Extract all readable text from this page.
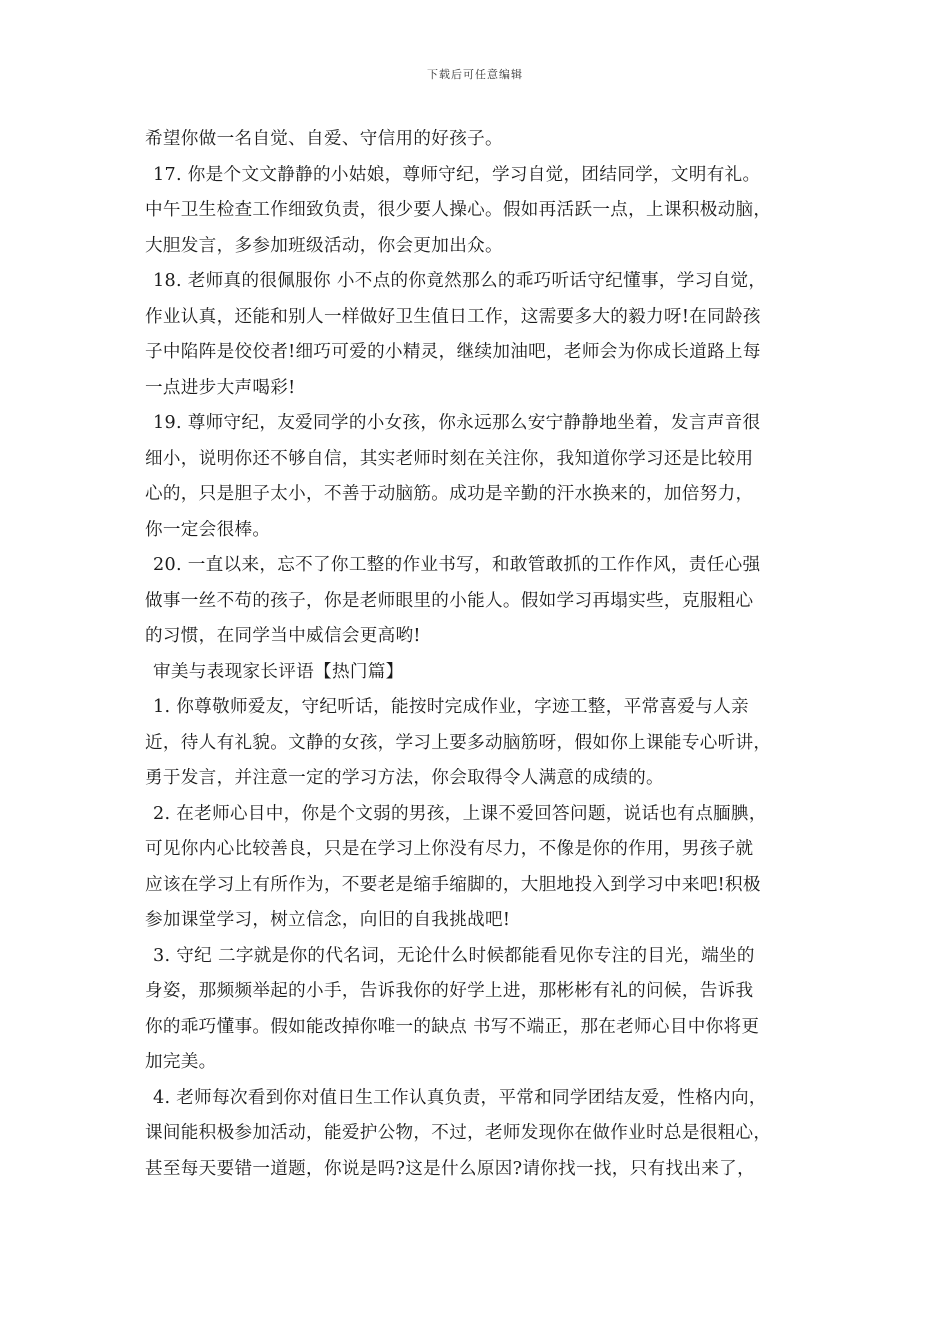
下载后可任意编辑
希望你做一名自觉、自爱、守信用的好孩子。
17. 你是个文文静静的小姑娘，尊师守纪，学习自觉，团结同学，文明有礼。
中午卫生检查工作细致负责，很少要人操心。假如再活跃一点，上课积极动脑，
大胆发言，多参加班级活动，你会更加出众。
18. 老师真的很佩服你 小不点的你竟然那么的乖巧听话守纪懂事，学习自觉，
作业认真，还能和别人一样做好卫生值日工作，这需要多大的毅力呀!在同龄孩
子中陷阵是佼佼者!细巧可爱的小精灵，继续加油吧，老师会为你成长道路上每
一点进步大声喝彩!
19. 尊师守纪，友爱同学的小女孩，你永远那么安宁静静地坐着，发言声音很
细小，说明你还不够自信，其实老师时刻在关注你，我知道你学习还是比较用
心的，只是胆子太小，不善于动脑筋。成功是辛勤的汗水换来的，加倍努力，
你一定会很棒。
20. 一直以来，忘不了你工整的作业书写，和敢管敢抓的工作作风，责任心强
做事一丝不苟的孩子，你是老师眼里的小能人。假如学习再塌实些，克服粗心
的习惯，在同学当中威信会更高哟!
审美与表现家长评语【热门篇】
1. 你尊敬师爱友，守纪听话，能按时完成作业，字迹工整，平常喜爱与人亲
近，待人有礼貌。文静的女孩，学习上要多动脑筋呀，假如你上课能专心听讲，
勇于发言，并注意一定的学习方法，你会取得令人满意的成绩的。
2. 在老师心目中，你是个文弱的男孩，上课不爱回答问题，说话也有点腼腆，
可见你内心比较善良，只是在学习上你没有尽力，不像是你的作用，男孩子就
应该在学习上有所作为，不要老是缩手缩脚的，大胆地投入到学习中来吧!积极
参加课堂学习，树立信念，向旧的自我挑战吧!
3. 守纪 二字就是你的代名词，无论什么时候都能看见你专注的目光，端坐的
身姿，那频频举起的小手，告诉我你的好学上进，那彬彬有礼的问候，告诉我
你的乖巧懂事。假如能改掉你唯一的缺点 书写不端正，那在老师心目中你将更
加完美。
4. 老师每次看到你对值日生工作认真负责，平常和同学团结友爱，性格内向，
课间能积极参加活动，能爱护公物，不过，老师发现你在做作业时总是很粗心，
甚至每天要错一道题，你说是吗?这是什么原因?请你找一找，只有找出来了，
